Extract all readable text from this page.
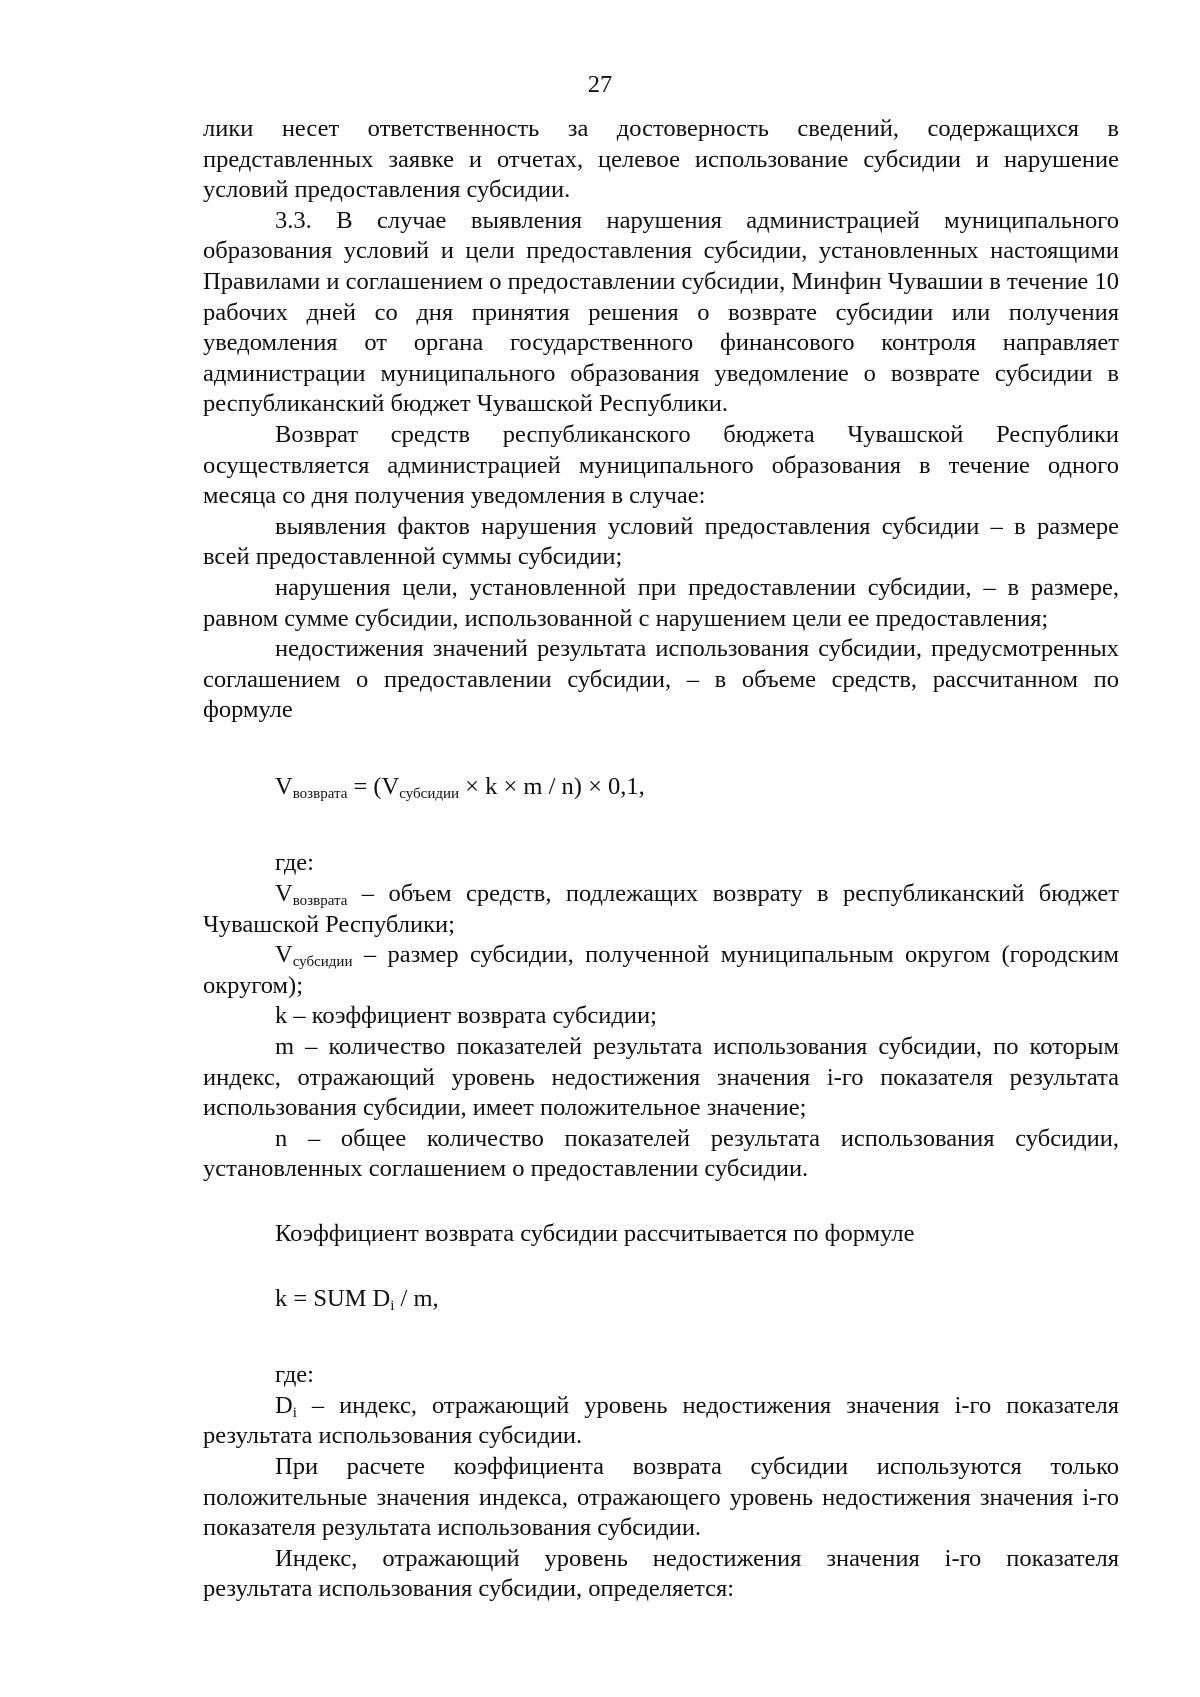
27

лики несет ответственность за достоверность сведений, содержащихся в представленных заявке и отчетах, целевое использование субсидии и нарушение условий предоставления субсидии.

3.3. В случае выявления нарушения администрацией муниципального образования условий и цели предоставления субсидии, установленных настоящими Правилами и соглашением о предоставлении субсидии, Минфин Чувашии в течение 10 рабочих дней со дня принятия решения о возврате субсидии или получения уведомления от органа государственного финансового контроля направляет администрации муниципального образования уведомление о возврате субсидии в республиканский бюджет Чувашской Республики.

Возврат средств республиканского бюджета Чувашской Республики осуществляется администрацией муниципального образования в течение одного месяца со дня получения уведомления в случае:

выявления фактов нарушения условий предоставления субсидии – в размере всей предоставленной суммы субсидии;

нарушения цели, установленной при предоставлении субсидии, – в размере, равном сумме субсидии, использованной с нарушением цели ее предоставления;

недостижения значений результата использования субсидии, предусмотренных соглашением о предоставлении субсидии, – в объеме средств, рассчитанном по формуле

$V_{возврата} = (V_{субсидии} \times k \times m / n) \times 0,1$,

где:

$V_{возврата}$ – объем средств, подлежащих возврату в республиканский бюджет Чувашской Республики;

$V_{субсидии}$ – размер субсидии, полученной муниципальным округом (городским округом);

k – коэффициент возврата субсидии;

m – количество показателей результата использования субсидии, по которым индекс, отражающий уровень недостижения значения i-го показателя результата использования субсидии, имеет положительное значение;

n – общее количество показателей результата использования субсидии, установленных соглашением о предоставлении субсидии.

Коэффициент возврата субсидии рассчитывается по формуле

k = SUM $D_i$ / m,

где:

$D_i$ – индекс, отражающий уровень недостижения значения i-го показателя результата использования субсидии.

При расчете коэффициента возврата субсидии используются только положительные значения индекса, отражающего уровень недостижения значения i-го показателя результата использования субсидии.

Индекс, отражающий уровень недостижения значения i-го показателя результата использования субсидии, определяется:
